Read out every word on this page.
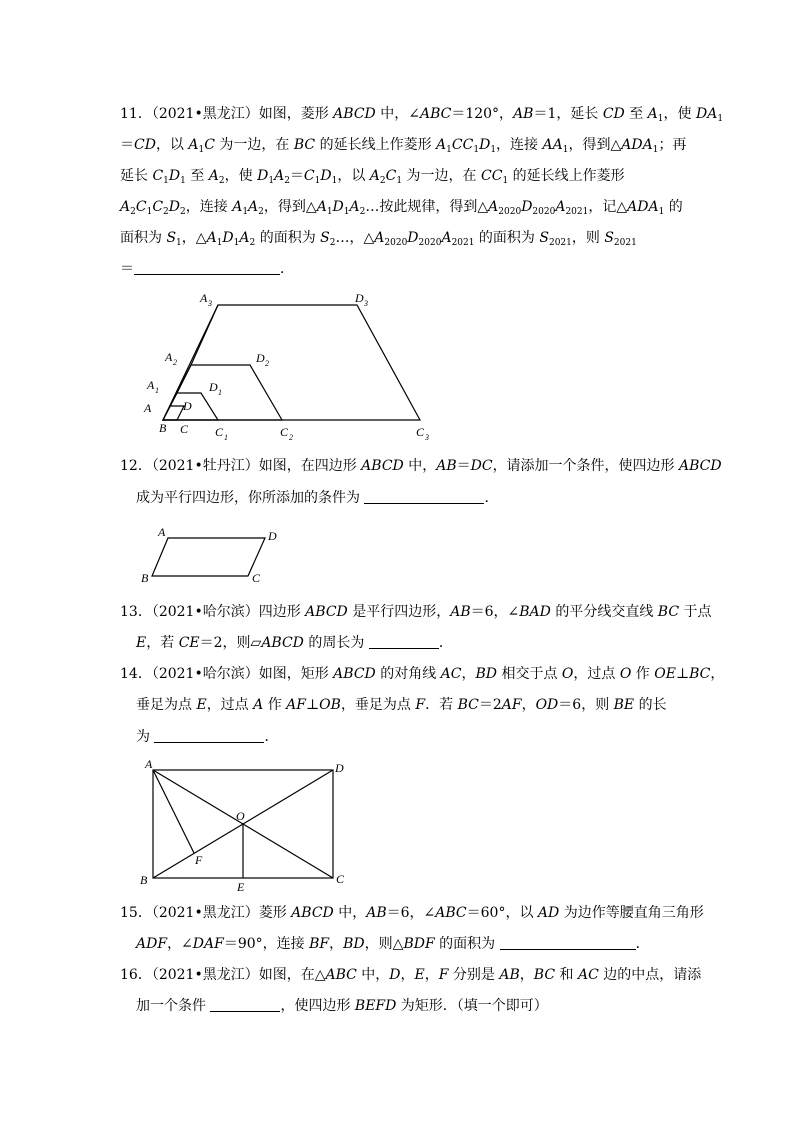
11．（2021•黑龙江）如图，菱形 ABCD 中，∠ABC＝120°，AB＝1，延长 CD 至 $A_1$，使 $DA_1$
＝CD，以 $A_1C$ 为一边，在 BC 的延长线上作菱形 $A_1CC_1D_1$，连接 $AA_1$，得到$\triangle ADA_1$；再
延长 $C_1D_1$ 至 $A_2$，使 $D_1A_2=C_1D_1$，以 $A_2C_1$ 为一边，在 $CC_1$ 的延长线上作菱形
$A_2C_1C_2D_2$，连接 $A_1A_2$，得到$\triangle A_1D_1A_2\dots$按此规律，得到$\triangle A_{2020}D_{2020}A_{2021}$，记$\triangle ADA_1$ 的
面积为 $S_1$，$\triangle A_1D_1A_2$ 的面积为 $S_2\dots$，$\triangle A_{2020}D_{2020}A_{2021}$ 的面积为 $S_{2021}$，则 $S_{2021}$
＝	．
A
A 1
A 2
A 3
D
D 1
D 2
D 3
B C C 1	C 2	C 3
A	D
B	C
A	D
O
F
B	E
C
12．（2021•牡丹江）如图，在四边形 ABCD 中，AB＝DC，请添加一个条件，使四边形 ABCD
成为平行四边形，你所添加的条件为	．
13．（2021•哈尔滨）四边形 ABCD 是平行四边形，AB＝6，∠BAD 的平分线交直线 BC 于点
E，若 CE＝2，则▱ABCD 的周长为	．
14．（2021•哈尔滨）如图，矩形 ABCD 的对角线 AC，BD 相交于点 O，过点 O 作 OE⊥BC，
垂足为点 E，过点 A 作 AF⊥OB，垂足为点 F．若 BC＝2AF，OD＝6，则 BE 的长
为	．
15．（2021•黑龙江）菱形 ABCD 中，AB＝6，∠ABC＝60°，以 AD 为边作等腰直角三角形
ADF，∠DAF＝90°，连接 BF，BD，则△BDF 的面积为	．
16．（2021•黑龙江）如图，在△ABC 中，D，E，F 分别是 AB，BC 和 AC 边的中点，请添
加一个条件	，使四边形 BEFD 为矩形．（填一个即可）
